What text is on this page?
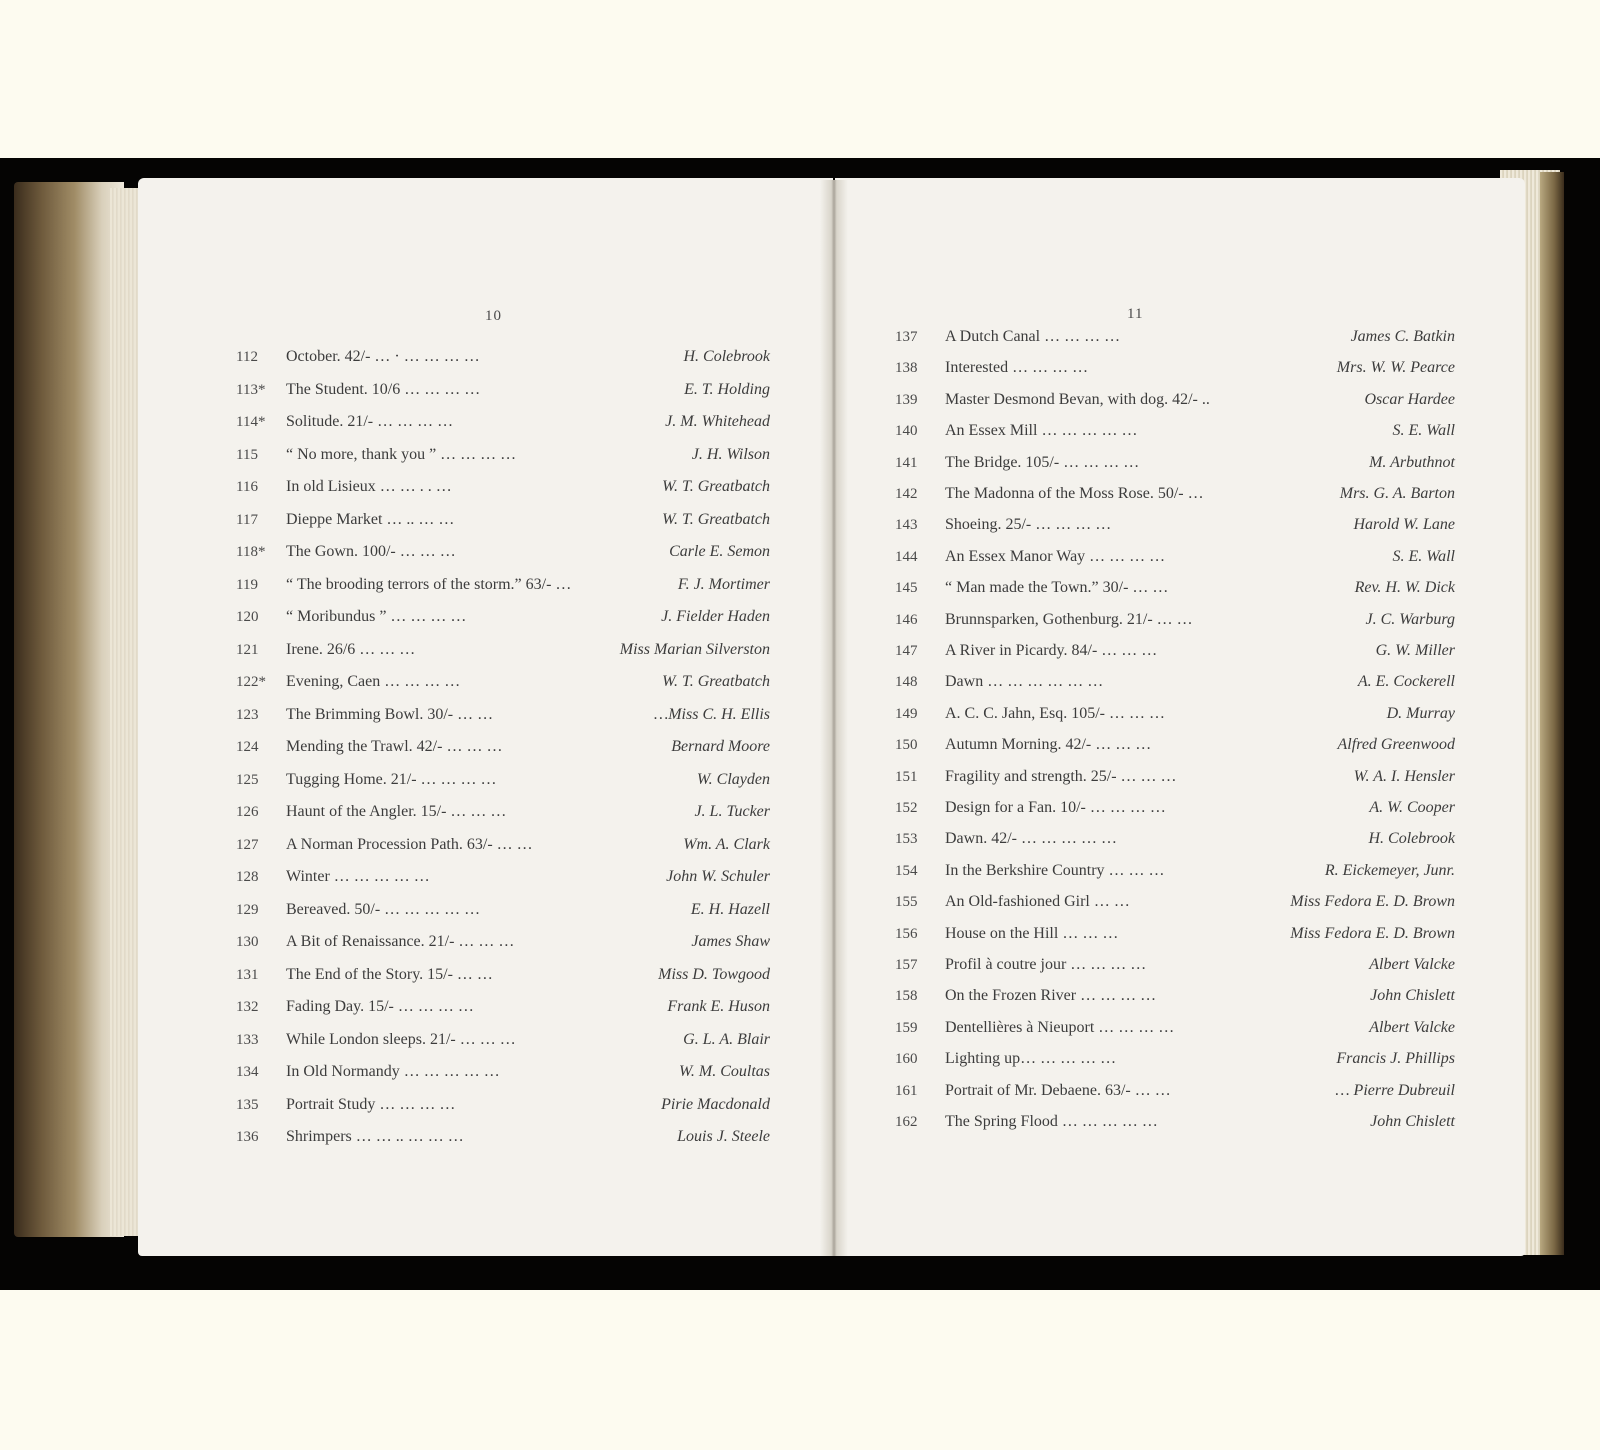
10
112	October. 42/- … · … … … …	H. Colebrook
113*	The Student. 10/6 … … … …	E. T. Holding
114*	Solitude. 21/- … … … …	J. M. Whitehead
115	“ No more, thank you ” … … … …	J. H. Wilson
116	In old Lisieux … … . . …	W. T. Greatbatch
117	Dieppe Market … .. … …	W. T. Greatbatch
118*	The Gown. 100/- … … …	Carle E. Semon
119	“ The brooding terrors of the storm.” 63/- …	F. J. Mortimer
120	“ Moribundus ” … … … …	J. Fielder Haden
121	Irene. 26/6 … … …	Miss Marian Silverston
122*	Evening, Caen … … … …	W. T. Greatbatch
123	The Brimming Bowl. 30/- … …	…Miss C. H. Ellis
124	Mending the Trawl. 42/- … … …	Bernard Moore
125	Tugging Home. 21/- … … … …	W. Clayden
126	Haunt of the Angler. 15/- … … …	J. L. Tucker
127	A Norman Procession Path. 63/- … …	Wm. A. Clark
128	Winter … … … … …	John W. Schuler
129	Bereaved. 50/- … … … … …	E. H. Hazell
130	A Bit of Renaissance. 21/- … … …	James Shaw
131	The End of the Story. 15/- … …	Miss D. Towgood
132	Fading Day. 15/- … … … …	Frank E. Huson
133	While London sleeps. 21/- … … …	G. L. A. Blair
134	In Old Normandy … … … … …	W. M. Coultas
135	Portrait Study … … … …	Pirie Macdonald
136	Shrimpers … … .. … … …	Louis J. Steele
11
137	A Dutch Canal … … … …	James C. Batkin
138	Interested … … … …	Mrs. W. W. Pearce
139	Master Desmond Bevan, with dog. 42/- ..	Oscar Hardee
140	An Essex Mill … … … … …	S. E. Wall
141	The Bridge. 105/- … … … …	M. Arbuthnot
142	The Madonna of the Moss Rose. 50/- …	Mrs. G. A. Barton
143	Shoeing. 25/- … … … …	Harold W. Lane
144	An Essex Manor Way … … … …	S. E. Wall
145	“ Man made the Town.” 30/- … …	Rev. H. W. Dick
146	Brunnsparken, Gothenburg. 21/- … …	J. C. Warburg
147	A River in Picardy. 84/- … … …	G. W. Miller
148	Dawn … … … … … …	A. E. Cockerell
149	A. C. C. Jahn, Esq. 105/- … … …	D. Murray
150	Autumn Morning. 42/- … … …	Alfred Greenwood
151	Fragility and strength. 25/- … … …	W. A. I. Hensler
152	Design for a Fan. 10/- … … … …	A. W. Cooper
153	Dawn. 42/- … … … … …	H. Colebrook
154	In the Berkshire Country … … …	R. Eickemeyer, Junr.
155	An Old-fashioned Girl … …	Miss Fedora E. D. Brown
156	House on the Hill … … …	Miss Fedora E. D. Brown
157	Profil à coutre jour … … … …	Albert Valcke
158	On the Frozen River … … … …	John Chislett
159	Dentellières à Nieuport … … … …	Albert Valcke
160	Lighting up… … … … …	Francis J. Phillips
161	Portrait of Mr. Debaene. 63/- … …	… Pierre Dubreuil
162	The Spring Flood … … … … …	John Chislett
